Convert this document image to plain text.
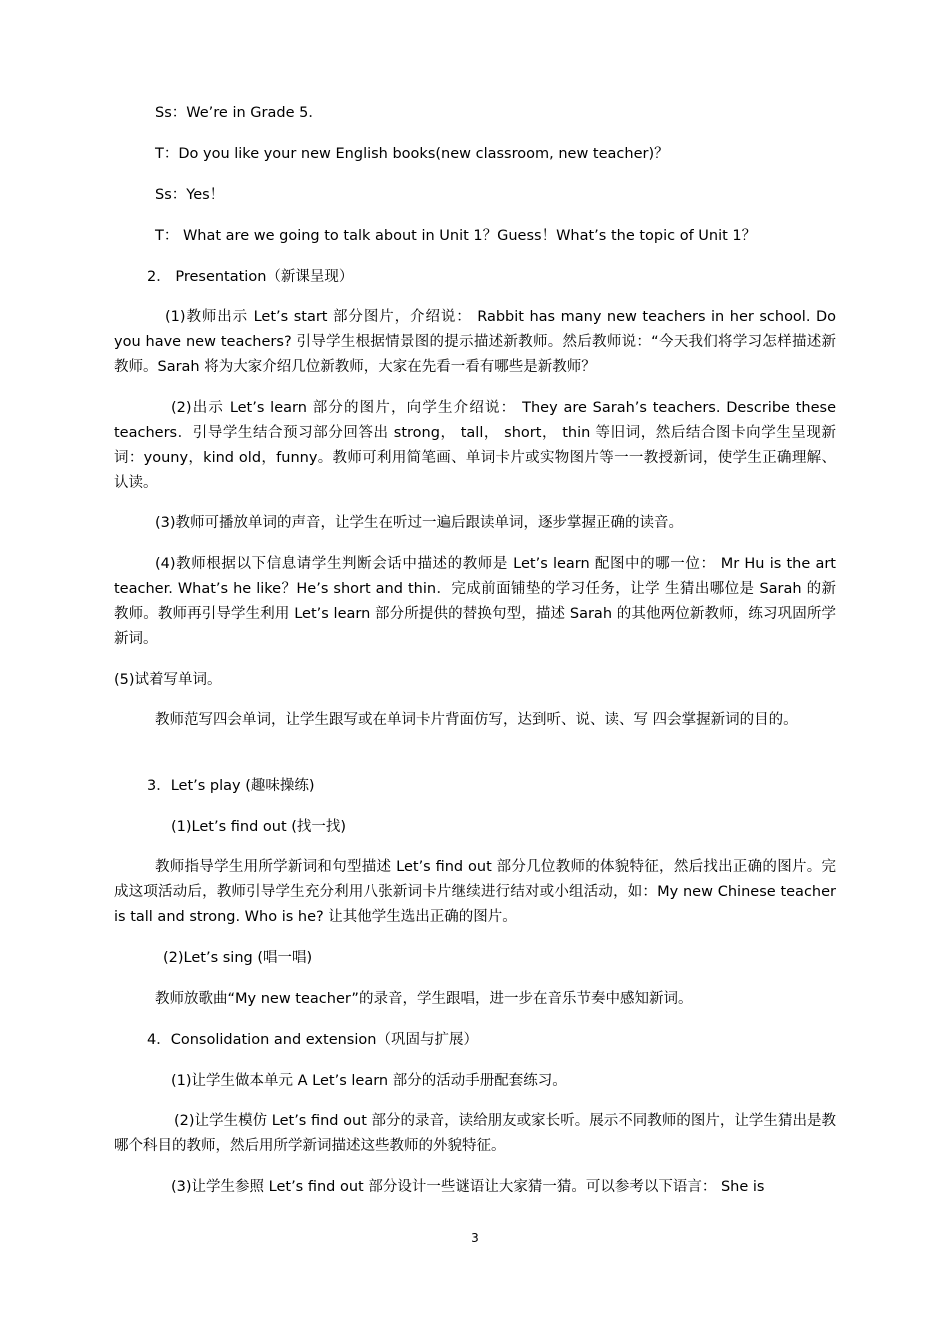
Ss：We’re in Grade 5．

T：Do you like your new English books(new classroom, new teacher)？

Ss：Yes！

T： What are we going to talk about in Unit 1？Guess！What’s the topic of Unit 1？

2． Presentation（新课呈现）

(1)教师出示 Let’s start 部分图片，介绍说： Rabbit has many new teachers in her school. Do you have new teachers? 引导学生根据情景图的提示描述新教师。然后教师说：“今天我们将学习怎样描述新教师。Sarah 将为大家介绍几位新教师，大家在先看一看有哪些是新教师？

(2)出示 Let’s learn 部分的图片，向学生介绍说： They are Sarah’s teachers. Describe these teachers．引导学生结合预习部分回答出 strong， tall， short， thin 等旧词，然后结合图卡向学生呈现新词：youny，kind old，funny。教师可利用简笔画、单词卡片或实物图片等一一教授新词，使学生正确理解、认读。

(3)教师可播放单词的声音，让学生在听过一遍后跟读单词，逐步掌握正确的读音。

(4)教师根据以下信息请学生判断会话中描述的教师是 Let’s learn 配图中的哪一位： Mr Hu is the art teacher. What’s he like？He’s short and thin．完成前面铺垫的学习任务，让学 生猜出哪位是 Sarah 的新教师。教师再引导学生利用 Let’s learn 部分所提供的替换句型，描述 Sarah 的其他两位新教师，练习巩固所学新词。

(5)试着写单词。

教师范写四会单词，让学生跟写或在单词卡片背面仿写，达到听、说、读、写 四会掌握新词的目的。

3．Let’s play (趣味操练)

(1)Let’s find out (找一找)

教师指导学生用所学新词和句型描述 Let’s find out 部分几位教师的体貌特征，然后找出正确的图片。完成这项活动后，教师引导学生充分利用八张新词卡片继续进行结对或小组活动，如：My new Chinese teacher is tall and strong. Who is he? 让其他学生选出正确的图片。

(2)Let’s sing (唱一唱)

教师放歌曲“My new teacher”的录音，学生跟唱，进一步在音乐节奏中感知新词。

4．Consolidation and extension（巩固与扩展）

(1)让学生做本单元 A Let’s learn 部分的活动手册配套练习。

(2)让学生模仿 Let’s find out 部分的录音，读给朋友或家长听。展示不同教师的图片，让学生猜出是教哪个科目的教师，然后用所学新词描述这些教师的外貌特征。

(3)让学生参照 Let’s find out 部分设计一些谜语让大家猜一猜。可以参考以下语言： She is

3
